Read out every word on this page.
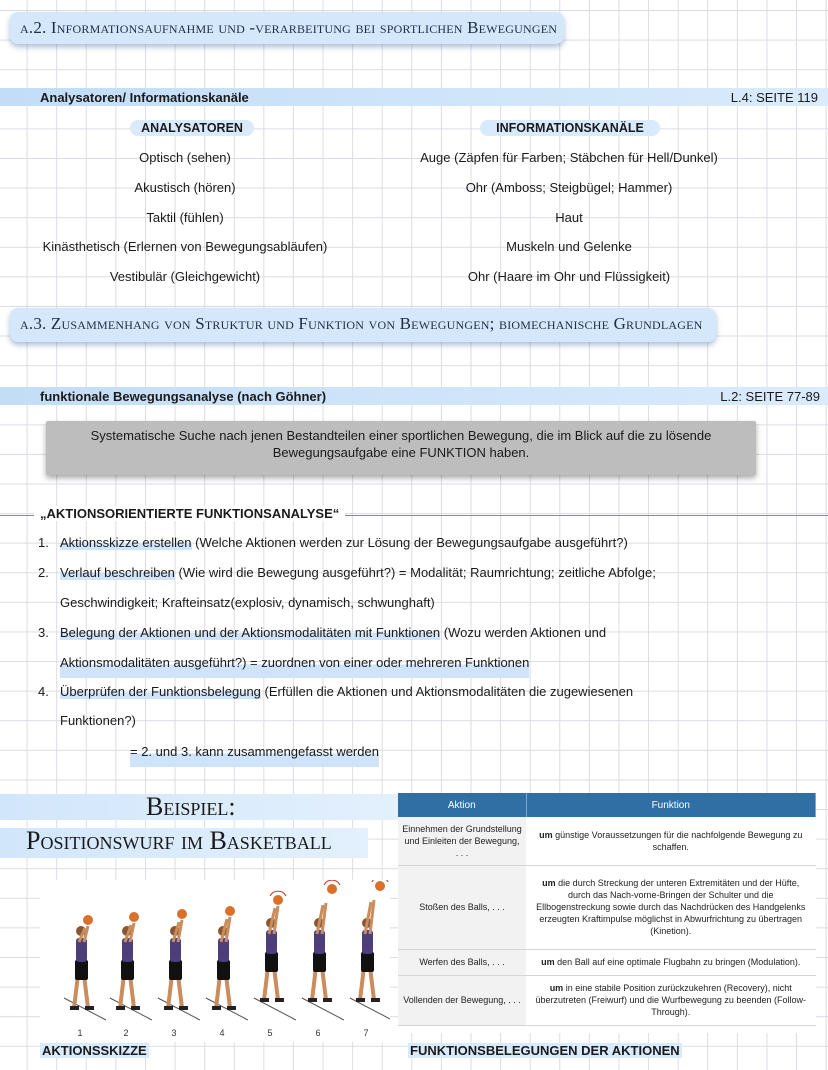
a.2. Informationsaufnahme und -verarbeitung bei sportlichen Bewegungen
Analysatoren/ Informationskanäle	L.4: SEITE 119
ANALYSATOREN	INFORMATIONSKANÄLE
Optisch (sehen)	Auge (Zäpfen für Farben; Stäbchen für Hell/Dunkel)
Akustisch (hören)	Ohr (Amboss; Steigbügel; Hammer)
Taktil (fühlen)	Haut
Kinästhetisch (Erlernen von Bewegungsabläufen)	Muskeln und Gelenke
Vestibulär (Gleichgewicht)	Ohr (Haare im Ohr und Flüssigkeit)
a.3. Zusammenhang von Struktur und Funktion von Bewegungen; biomechanische Grundlagen
funktionale Bewegungsanalyse (nach Göhner)	L.2: SEITE 77-89
Systematische Suche nach jenen Bestandteilen einer sportlichen Bewegung, die im Blick auf die zu lösende Bewegungsaufgabe eine FUNKTION haben.
„AKTIONSORIENTIERTE FUNKTIONSANALYSE“
1. Aktionsskizze erstellen (Welche Aktionen werden zur Lösung der Bewegungsaufgabe ausgeführt?)
2. Verlauf beschreiben (Wie wird die Bewegung ausgeführt?) = Modalität; Raumrichtung; zeitliche Abfolge;
Geschwindigkeit; Krafteinsatz(explosiv, dynamisch, schwunghaft)
3. Belegung der Aktionen und der Aktionsmodalitäten mit Funktionen (Wozu werden Aktionen und
Aktionsmodalitäten ausgeführt?) = zuordnen von einer oder mehreren Funktionen
4. Überprüfen der Funktionsbelegung (Erfüllen die Aktionen und Aktionsmodalitäten die zugewiesenen
Funktionen?)
= 2. und 3. kann zusammengefasst werden
Beispiel:
Positionswurf im Basketball
1	2	3	4	5	6	7
AKTIONSSKIZZE
Aktion	Funktion
Einnehmen der Grundstellung und Einleiten der Bewegung, . . .	um günstige Voraussetzungen für die nachfolgende Bewegung zu schaffen.
Stoßen des Balls, . . .	um die durch Streckung der unteren Extremitäten und der Hüfte, durch das Nach-vorne-Bringen der Schulter und die Ellbogenstreckung sowie durch das Nachdrücken des Handgelenks erzeugten Kraftimpulse möglichst in Abwurfrichtung zu übertragen (Kinetion).
Werfen des Balls, . . .	um den Ball auf eine optimale Flugbahn zu bringen (Modulation).
Vollenden der Bewegung, . . .	um in eine stabile Position zurückzukehren (Recovery), nicht überzutreten (Freiwurf) und die Wurfbewegung zu beenden (Follow-Through).
FUNKTIONSBELEGUNGEN DER AKTIONEN
